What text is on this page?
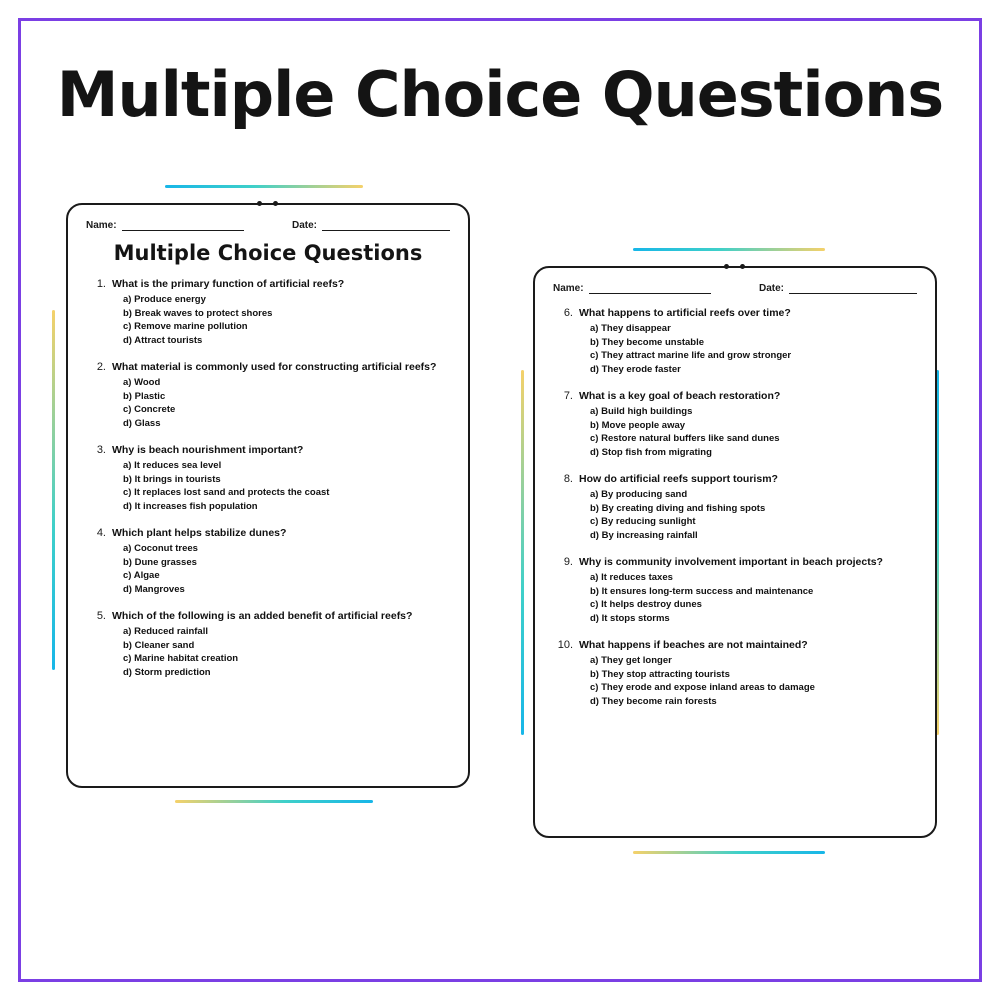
Multiple Choice Questions
Name:	Date:
Multiple Choice Questions
1. What is the primary function of artificial reefs?
a) Produce energy
b) Break waves to protect shores
c) Remove marine pollution
d) Attract tourists
2. What material is commonly used for constructing artificial reefs?
a) Wood
b) Plastic
c) Concrete
d) Glass
3. Why is beach nourishment important?
a) It reduces sea level
b) It brings in tourists
c) It replaces lost sand and protects the coast
d) It increases fish population
4. Which plant helps stabilize dunes?
a) Coconut trees
b) Dune grasses
c) Algae
d) Mangroves
5. Which of the following is an added benefit of artificial reefs?
a) Reduced rainfall
b) Cleaner sand
c) Marine habitat creation
d) Storm prediction
Name:	Date:
6. What happens to artificial reefs over time?
a) They disappear
b) They become unstable
c) They attract marine life and grow stronger
d) They erode faster
7. What is a key goal of beach restoration?
a) Build high buildings
b) Move people away
c) Restore natural buffers like sand dunes
d) Stop fish from migrating
8. How do artificial reefs support tourism?
a) By producing sand
b) By creating diving and fishing spots
c) By reducing sunlight
d) By increasing rainfall
9. Why is community involvement important in beach projects?
a) It reduces taxes
b) It ensures long-term success and maintenance
c) It helps destroy dunes
d) It stops storms
10. What happens if beaches are not maintained?
a) They get longer
b) They stop attracting tourists
c) They erode and expose inland areas to damage
d) They become rain forests
